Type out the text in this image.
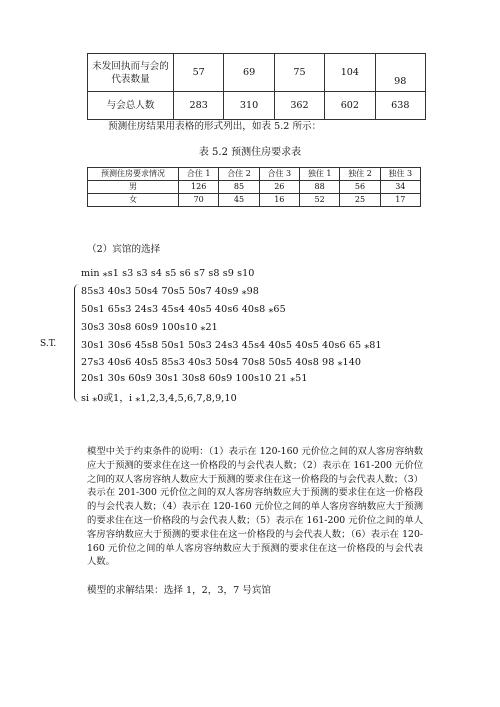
未发回执而与会的代表数量	57	69	75	104	98
与会总人数	283	310	362	602	638
预测住房结果用表格的形式列出，如表 5.2 所示：
表 5.2 预测住房要求表
预测住房要求情况	合住 1	合住 2	合住 3	独住 1	独住 2	独住 3
男	126	85	26	88	56	34
女	70	45	16	52	25	17
（2）宾馆的选择
min ⁎s1 s3 s3 s4 s5 s6 s7 s8 s9 s10
S.T.
85s3 40s3 50s4 70s5 50s7 40s9 ⁎98
50s1 65s3 24s3 45s4 40s5 40s6 40s8 ⁎65
30s3 30s8 60s9 100s10 ⁎21
30s1 30s6 45s8 50s1 50s3 24s3 45s4 40s5 40s5 40s6 65 ⁎81
27s3 40s6 40s5 85s3 40s3 50s4 70s8 50s5 40s8 98 ⁎140
20s1 30s 60s9 30s1 30s8 60s9 100s10 21 ⁎51
si ⁎0或1，i ⁎1,2,3,4,5,6,7,8,9,10
模型中关于约束条件的说明：（1）表示在 120-160 元价位之间的双人客房容纳数应大于预测的要求住在这一价格段的与会代表人数；（2）表示在 161-200 元价位之间的双人客房容纳人数应大于预测的要求住在这一价格段的与会代表人数；（3）表示在 201-300 元价位之间的双人客房容纳数应大于预测的要求住在这一价格段的与会代表人数；（4）表示在 120-160 元价位之间的单人客房容纳数应大于预测的要求住在这一价格段的与会代表人数；（5）表示在 161-200 元价位之间的单人客房容纳数应大于预测的要求住在这一价格段的与会代表人数；（6）表示在 120-160 元价位之间的单人客房容纳数应大于预测的要求住在这一价格段的与会代表人数。
模型的求解结果：选择 1，2，3，7 号宾馆
